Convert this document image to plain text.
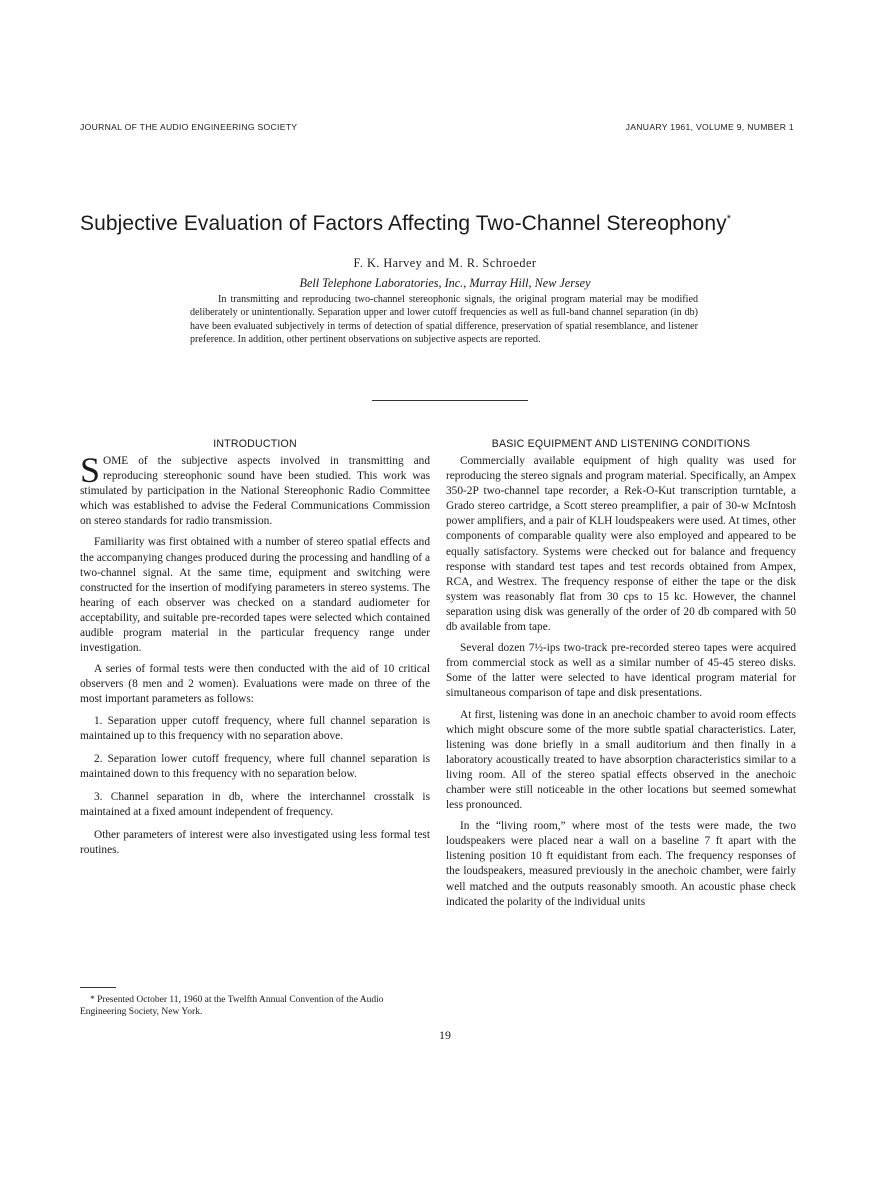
JOURNAL OF THE AUDIO ENGINEERING SOCIETY	JANUARY 1961, VOLUME 9, NUMBER 1
Subjective Evaluation of Factors Affecting Two-Channel Stereophony*
F. K. Harvey and M. R. Schroeder
Bell Telephone Laboratories, Inc., Murray Hill, New Jersey

In transmitting and reproducing two-channel stereophonic signals, the original program material may be modified deliberately or unintentionally. Separation upper and lower cutoff frequencies as well as full-band channel separation (in db) have been evaluated subjectively in terms of detection of spatial difference, preservation of spatial resemblance, and listener preference. In addition, other pertinent observations on subjective aspects are reported.

INTRODUCTION

SOME of the subjective aspects involved in transmitting and reproducing stereophonic sound have been studied. This work was stimulated by participation in the National Stereophonic Radio Committee which was established to advise the Federal Communications Commission on stereo standards for radio transmission.

Familiarity was first obtained with a number of stereo spatial effects and the accompanying changes produced during the processing and handling of a two-channel signal. At the same time, equipment and switching were constructed for the insertion of modifying parameters in stereo systems. The hearing of each observer was checked on a standard audiometer for acceptability, and suitable pre-recorded tapes were selected which contained audible program material in the particular frequency range under investigation.

A series of formal tests were then conducted with the aid of 10 critical observers (8 men and 2 women). Evaluations were made on three of the most important parameters as follows:

1. Separation upper cutoff frequency, where full channel separation is maintained up to this frequency with no separation above.

2. Separation lower cutoff frequency, where full channel separation is maintained down to this frequency with no separation below.

3. Channel separation in db, where the interchannel crosstalk is maintained at a fixed amount independent of frequency.

Other parameters of interest were also investigated using less formal test routines.

BASIC EQUIPMENT AND LISTENING CONDITIONS

Commercially available equipment of high quality was used for reproducing the stereo signals and program material. Specifically, an Ampex 350-2P two-channel tape recorder, a Rek-O-Kut transcription turntable, a Grado stereo cartridge, a Scott stereo preamplifier, a pair of 30-w McIntosh power amplifiers, and a pair of KLH loudspeakers were used. At times, other components of comparable quality were also employed and appeared to be equally satisfactory. Systems were checked out for balance and frequency response with standard test tapes and test records obtained from Ampex, RCA, and Westrex. The frequency response of either the tape or the disk system was reasonably flat from 30 cps to 15 kc. However, the channel separation using disk was generally of the order of 20 db compared with 50 db available from tape.

Several dozen 7½-ips two-track pre-recorded stereo tapes were acquired from commercial stock as well as a similar number of 45-45 stereo disks. Some of the latter were selected to have identical program material for simultaneous comparison of tape and disk presentations.

At first, listening was done in an anechoic chamber to avoid room effects which might obscure some of the more subtle spatial characteristics. Later, listening was done briefly in a small auditorium and then finally in a laboratory acoustically treated to have absorption characteristics similar to a living room. All of the stereo spatial effects observed in the anechoic chamber were still noticeable in the other locations but seemed somewhat less pronounced.

In the “living room,” where most of the tests were made, the two loudspeakers were placed near a wall on a baseline 7 ft apart with the listening position 10 ft equidistant from each. The frequency responses of the loudspeakers, measured previously in the anechoic chamber, were fairly well matched and the outputs reasonably smooth. An acoustic phase check indicated the polarity of the individual units

* Presented October 11, 1960 at the Twelfth Annual Convention of the Audio Engineering Society, New York.

19
